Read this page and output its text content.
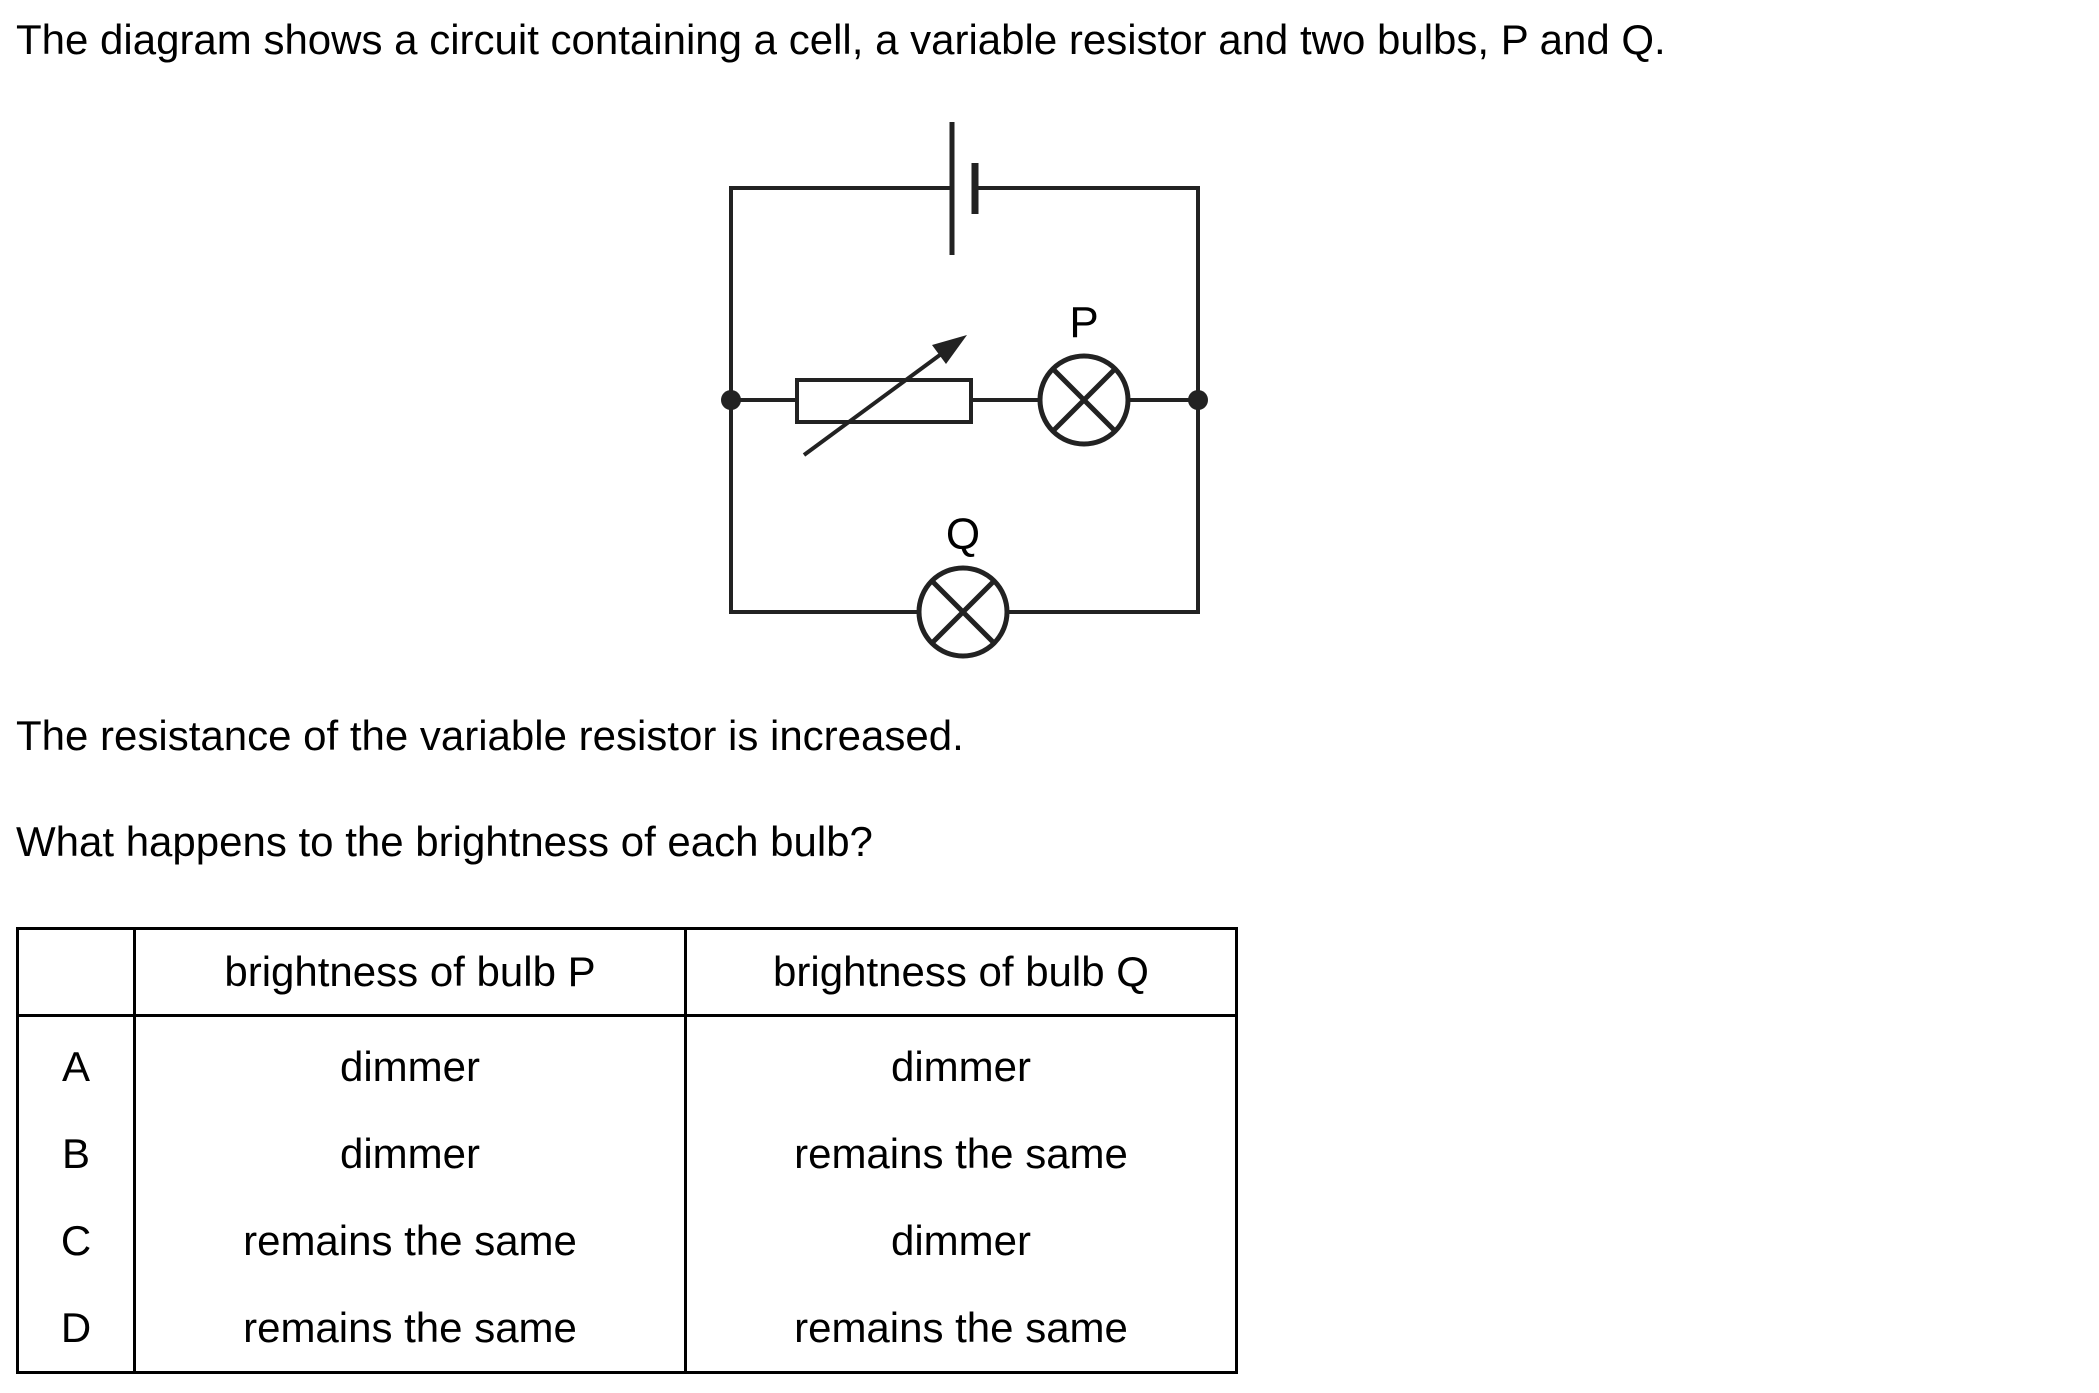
The diagram shows a circuit containing a cell, a variable resistor and two bulbs, P and Q.

P
Q

The resistance of the variable resistor is increased.

What happens to the brightness of each bulb?

	brightness of bulb P	brightness of bulb Q
A	dimmer	dimmer
B	dimmer	remains the same
C	remains the same	dimmer
D	remains the same	remains the same
